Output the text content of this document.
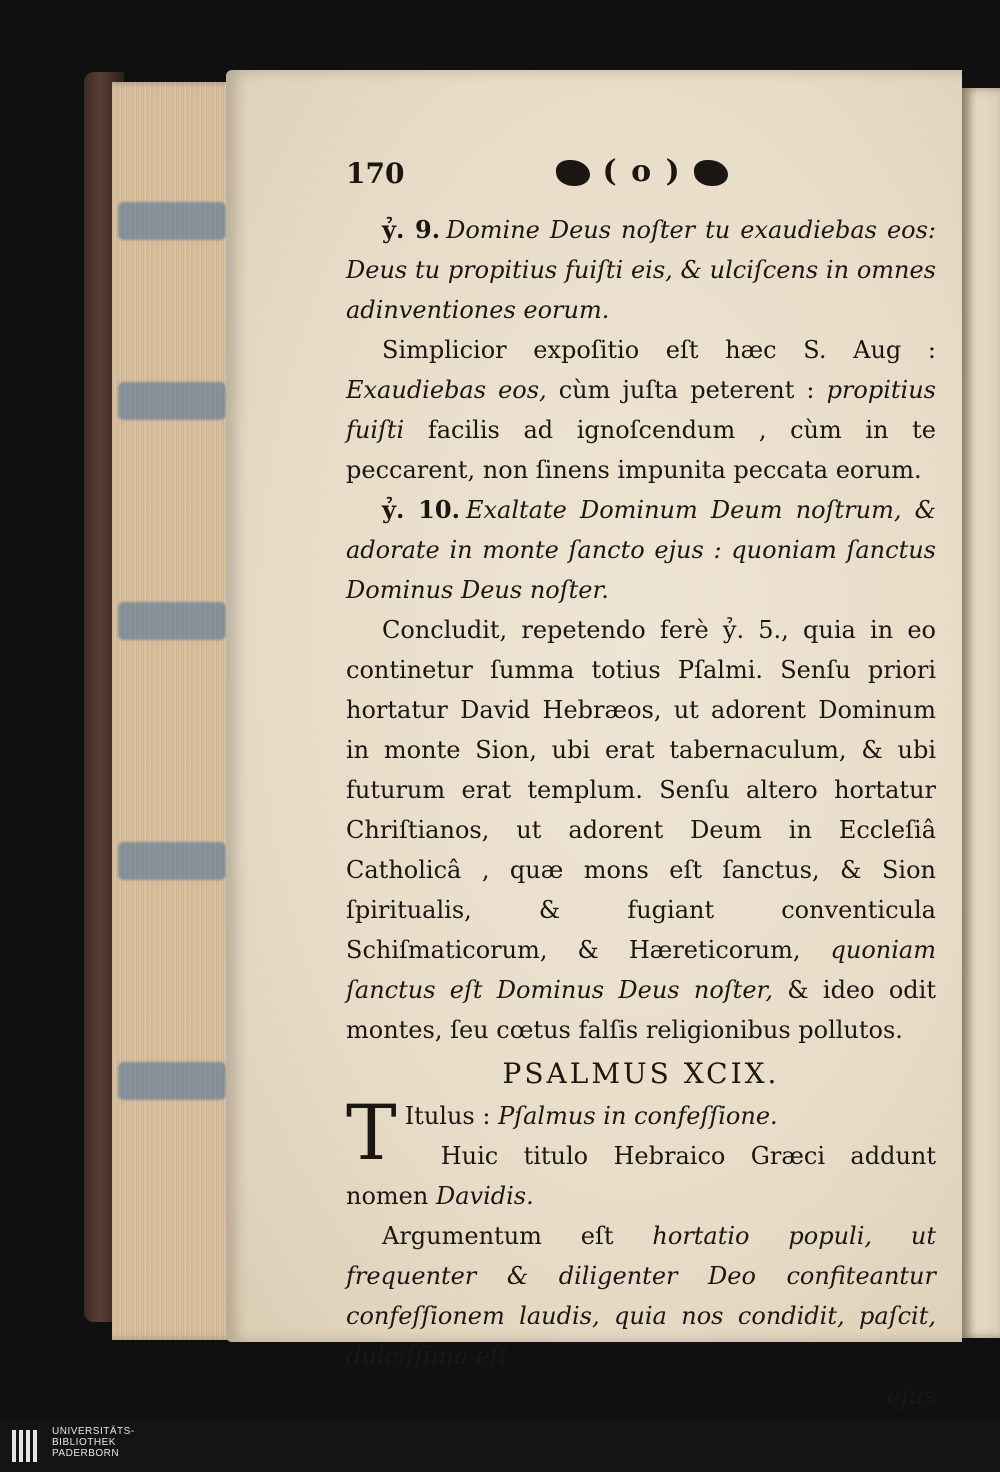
170	( o )

ỷ. 9. Domine Deus noſter tu exaudiebas eos: Deus tu propitius fuiſti eis, & ulciſcens in omnes adinventiones eorum.

Simplicior expoſitio eſt hæc S. Aug : Exaudiebas eos, cùm juſta peterent : propitius fuiſti facilis ad ignoſcendum , cùm in te peccarent, non ſinens impunita peccata eorum.

ỷ. 10. Exaltate Dominum Deum noſtrum, & adorate in monte ſancto ejus : quoniam ſanctus Dominus Deus noſter.

Concludit, repetendo ferè ỷ. 5., quia in eo continetur ſumma totius Pſalmi. Senſu priori hortatur David Hebræos, ut adorent Dominum in monte Sion, ubi erat tabernaculum, & ubi futurum erat templum. Senſu altero hortatur Chriſtianos, ut adorent Deum in Eccleſiâ Catholicâ , quæ mons eſt ſanctus, & Sion ſpiritualis, & fugiant conventicula Schiſmaticorum, & Hæreticorum, quoniam ſanctus eſt Dominus Deus noſter, & ideo odit montes, ſeu cœtus falſis religionibus pollutos.

PSALMUS XCIX.

T Itulus : Pſalmus in confeſſione.

Huic titulo Hebraico Græci addunt nomen Davidis.

Argumentum eſt hortatio populi, ut frequenter & diligenter Deo confiteantur confeſſionem laudis, quia nos condidit, paſcit, dulciſſima eſt

ejus

UNIVERSITÄTS-
BIBLIOTHEK
PADERBORN
